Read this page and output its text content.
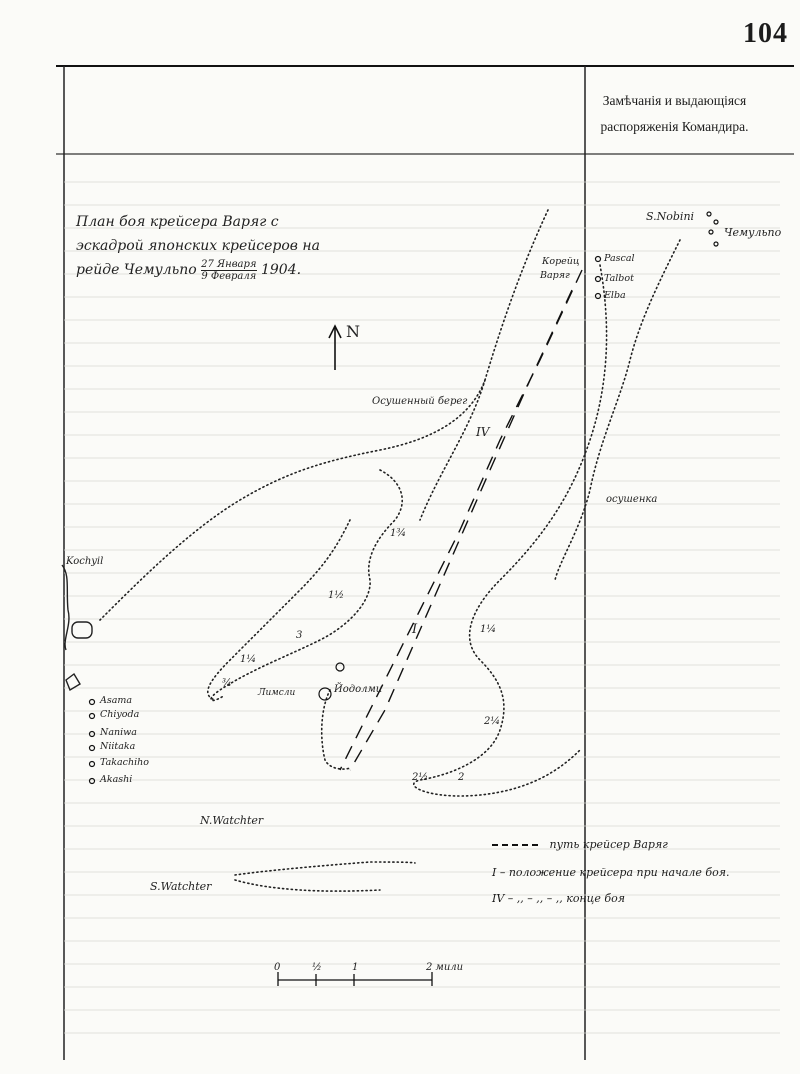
104
Замѣчанія и выдающіяся
распоряженія Командира.
План боя крейсера Варяг с
эскадрой японских крейсеров на
рейде Чемульпо $\frac{\text{27 Января}}{\text{9 Февраля}} 1904$.
N
S.Nobini
Чемульпо
Корейц
Варяг
Pascal
Talbot
Elba
Осушенный берег
IV
I
осушенка
1¾
1½
3
1¼
2¼
2½	2
¾
1¼
Йодолми
Лимсли
Kochyil
Asama
Chiyoda
Naniwa
Niitaka
Takachiho
Akashi
N.Watchter
S.Watchter
0	½	1	2 мили
путь крейсер Варяг
I – положение крейсера при начале боя.
IV – ,, – ,, – ,, конце боя
